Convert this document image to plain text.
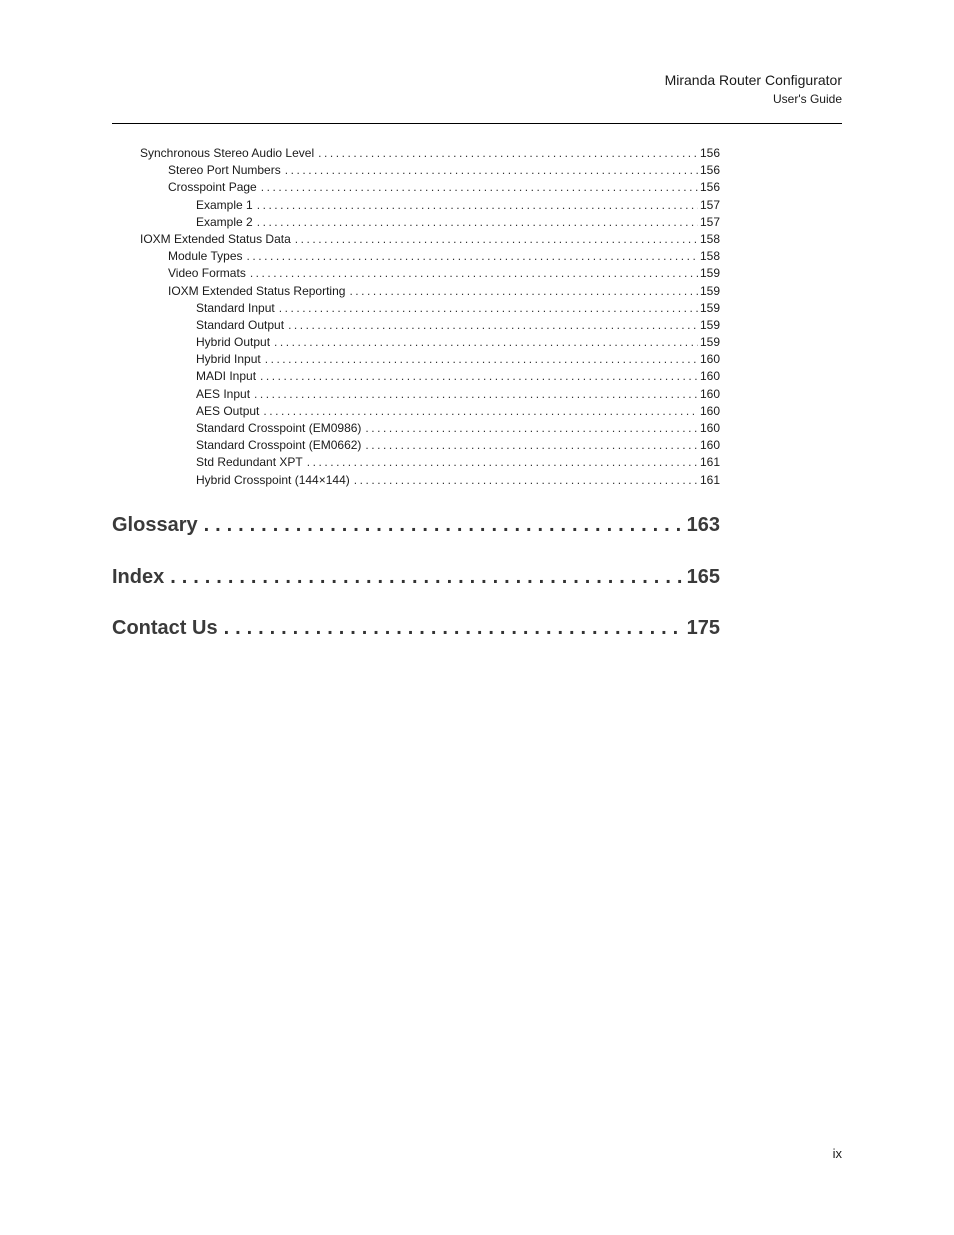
Miranda Router Configurator
User's Guide
Synchronous Stereo Audio Level . . .	156
Stereo Port Numbers . . .	156
Crosspoint Page . . .	156
Example 1 . . .	157
Example 2 . . .	157
IOXM Extended Status Data . . .	158
Module Types . . .	158
Video Formats . . .	159
IOXM Extended Status Reporting . . .	159
Standard Input . . .	159
Standard Output . . .	159
Hybrid Output . . .	159
Hybrid Input . . .	160
MADI Input . . .	160
AES Input . . .	160
AES Output . . .	160
Standard Crosspoint (EM0986) . . .	160
Standard Crosspoint (EM0662) . . .	160
Std Redundant XPT . . .	161
Hybrid Crosspoint (144×144) . . .	161
Glossary . . .	163
Index . . .	165
Contact Us . . .	175
ix
